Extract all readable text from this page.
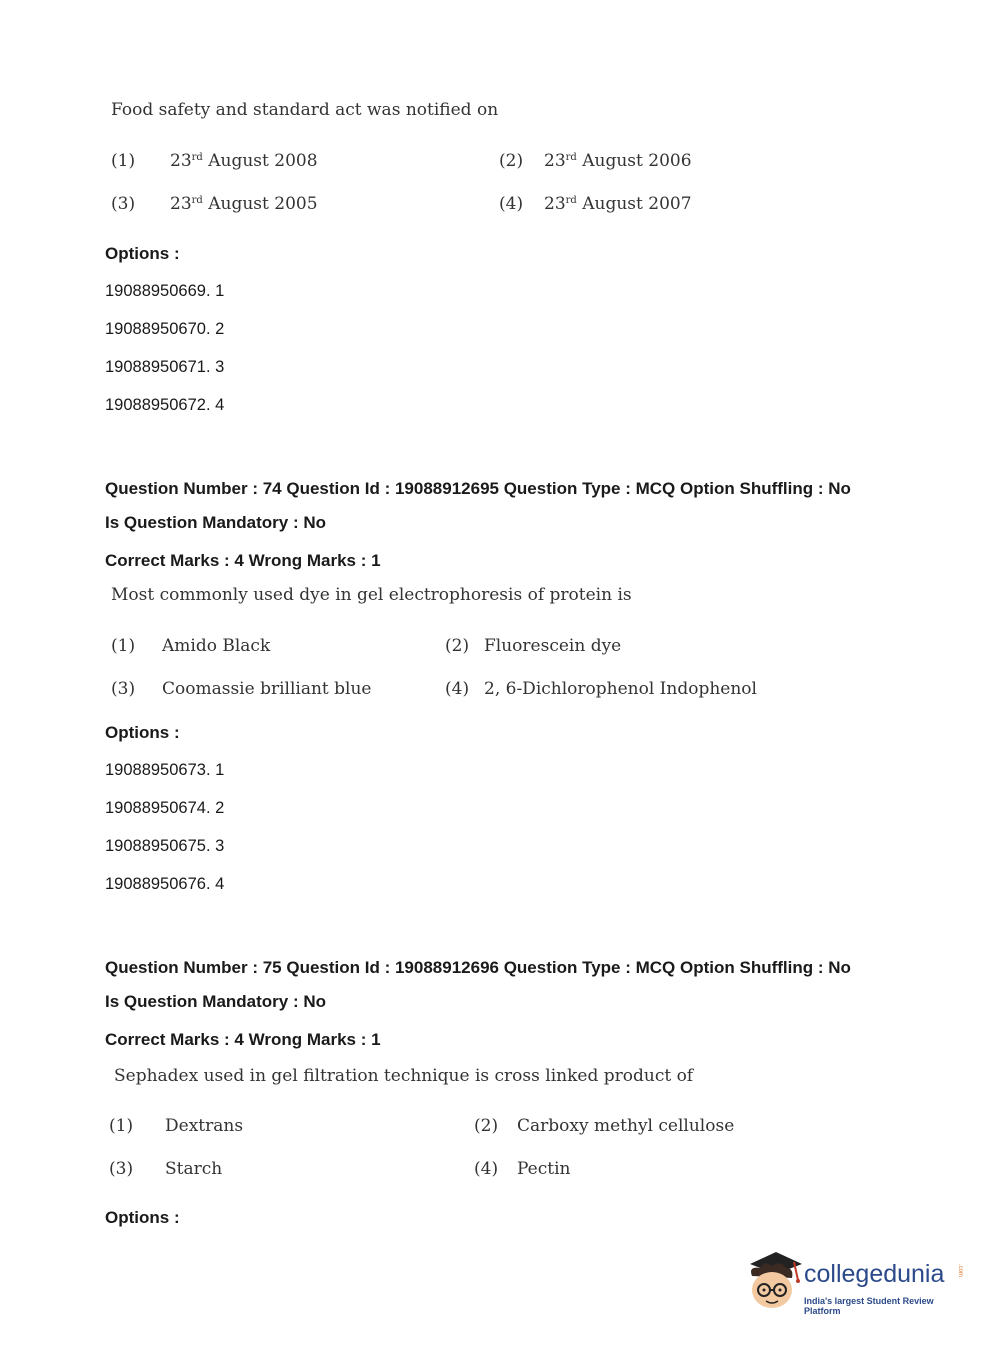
Food safety and standard act was notified on
(1) 23rd August 2008	(2) 23rd August 2006
(3) 23rd August 2005	(4) 23rd August 2007
Options :
19088950669. 1
19088950670. 2
19088950671. 3
19088950672. 4
Question Number : 74 Question Id : 19088912695 Question Type : MCQ Option Shuffling : No
Is Question Mandatory : No
Correct Marks : 4 Wrong Marks : 1
Most commonly used dye in gel electrophoresis of protein is
(1) Amido Black	(2) Fluorescein dye
(3) Coomassie brilliant blue	(4) 2, 6-Dichlorophenol Indophenol
Options :
19088950673. 1
19088950674. 2
19088950675. 3
19088950676. 4
Question Number : 75 Question Id : 19088912696 Question Type : MCQ Option Shuffling : No
Is Question Mandatory : No
Correct Marks : 4 Wrong Marks : 1
Sephadex used in gel filtration technique is cross linked product of
(1) Dextrans	(2) Carboxy methyl cellulose
(3) Starch	(4) Pectin
Options :
collegedunia .com
India's largest Student Review Platform
